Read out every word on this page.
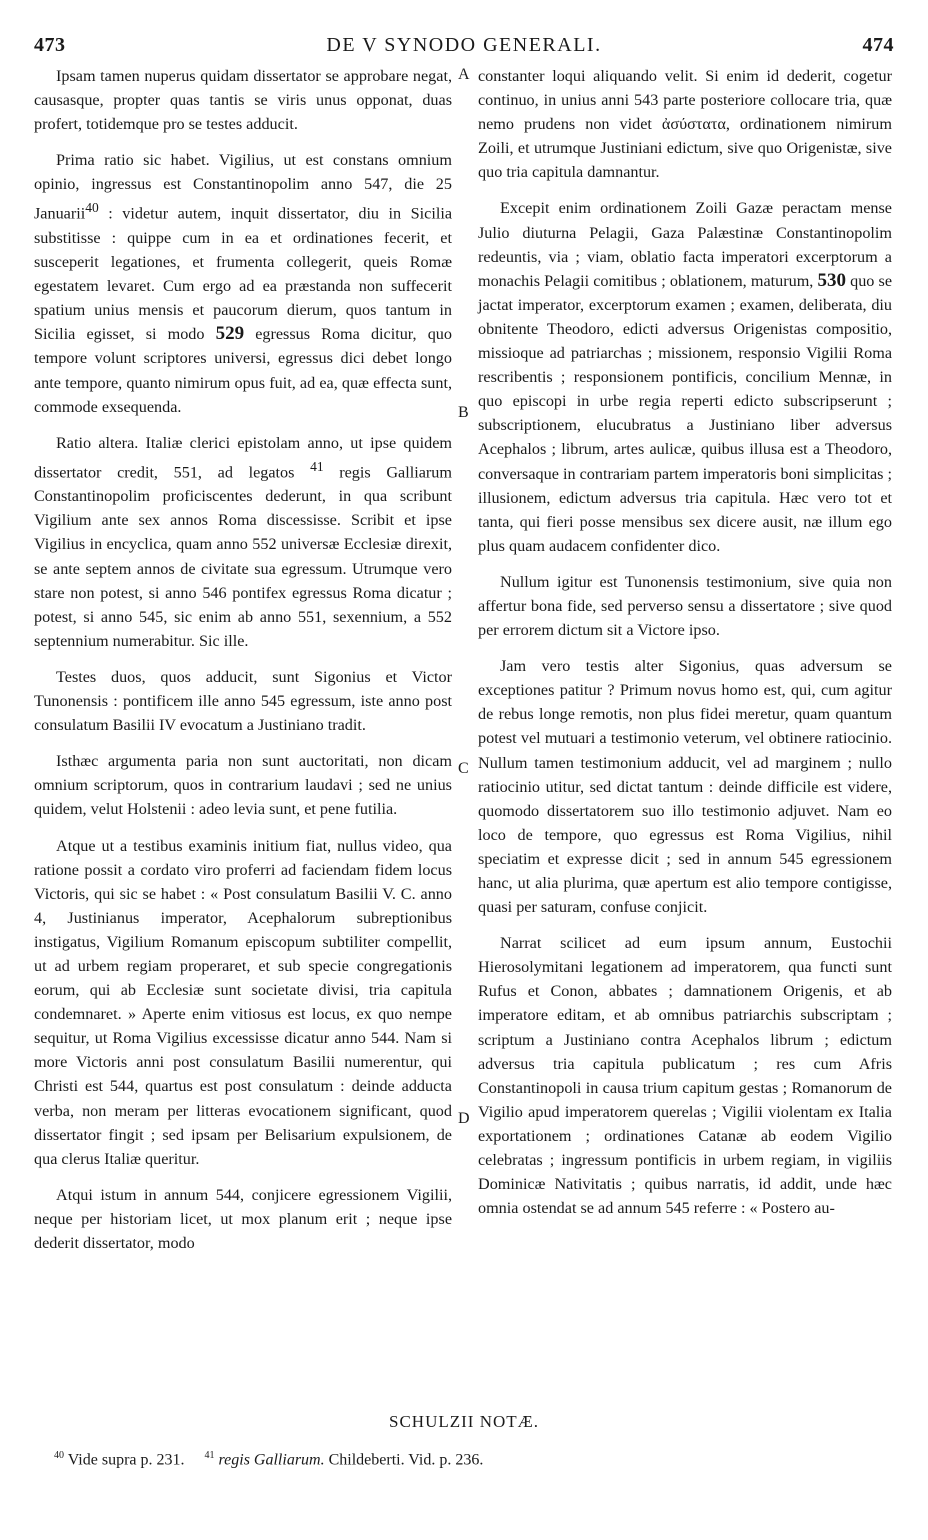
473	DE V SYNODO GENERALI.	474
A
B
C
D

Ipsam tamen nuperus quidam dissertator se approbare negat, causasque, propter quas tantis se viris unus opponat, duas profert, totidemque pro se testes adducit.

Prima ratio sic habet. Vigilius, ut est constans omnium opinio, ingressus est Constantinopolim anno 547, die 25 Januarii$^{40}$ : videtur autem, inquit dissertator, diu in Sicilia substitisse : quippe cum in ea et ordinationes fecerit, et susceperit legationes, et frumenta collegerit, queis Romæ egestatem levaret. Cum ergo ad ea præstanda non suffecerit spatium unius mensis et paucorum dierum, quos tantum in Sicilia egisset, si modo 529 egressus Roma dicitur, quo tempore volunt scriptores universi, egressus dici debet longo ante tempore, quanto nimirum opus fuit, ad ea, quæ effecta sunt, commode exsequenda.

Ratio altera. Italiæ clerici epistolam anno, ut ipse quidem dissertator credit, 551, ad legatos $^{41}$ regis Galliarum Constantinopolim proficiscentes dederunt, in qua scribunt Vigilium ante sex annos Roma discessisse. Scribit et ipse Vigilius in encyclica, quam anno 552 universæ Ecclesiæ direxit, se ante septem annos de civitate sua egressum. Utrumque vero stare non potest, si anno 546 pontifex egressus Roma dicatur ; potest, si anno 545, sic enim ab anno 551, sexennium, a 552 septennium numerabitur. Sic ille.

Testes duos, quos adducit, sunt Sigonius et Victor Tunonensis : pontificem ille anno 545 egressum, iste anno post consulatum Basilii IV evocatum a Justiniano tradit.

Isthæc argumenta paria non sunt auctoritati, non dicam omnium scriptorum, quos in contrarium laudavi ; sed ne unius quidem, velut Holstenii : adeo levia sunt, et pene futilia.

Atque ut a testibus examinis initium fiat, nullus video, qua ratione possit a cordato viro proferri ad faciendam fidem locus Victoris, qui sic se habet : « Post consulatum Basilii V. C. anno 4, Justinianus imperator, Acephalorum subreptionibus instigatus, Vigilium Romanum episcopum subtiliter compellit, ut ad urbem regiam properaret, et sub specie congregationis eorum, qui ab Ecclesiæ sunt societate divisi, tria capitula condemnaret. » Aperte enim vitiosus est locus, ex quo nempe sequitur, ut Roma Vigilius excessisse dicatur anno 544. Nam si more Victoris anni post consulatum Basilii numerentur, qui Christi est 544, quartus est post consulatum : deinde adducta verba, non meram per litteras evocationem significant, quod dissertator fingit ; sed ipsam per Belisarium expulsionem, de qua clerus Italiæ queritur.

Atqui istum in annum 544, conjicere egressionem Vigilii, neque per historiam licet, ut mox planum erit ; neque ipse dederit dissertator, modo

constanter loqui aliquando velit. Si enim id dederit, cogetur continuo, in unius anni 543 parte posteriore collocare tria, quæ nemo prudens non videt ἀσύστατα, ordinationem nimirum Zoili, et utrumque Justiniani edictum, sive quo Origenistæ, sive quo tria capitula damnantur.

Excepit enim ordinationem Zoili Gazæ peractam mense Julio diuturna Pelagii, Gaza Palæstinæ Constantinopolim redeuntis, via ; viam, oblatio facta imperatori excerptorum a monachis Pelagii comitibus ; oblationem, maturum, 530 quo se jactat imperator, excerptorum examen ; examen, deliberata, diu obnitente Theodoro, edicti adversus Origenistas compositio, missioque ad patriarchas ; missionem, responsio Vigilii Roma rescribentis ; responsionem pontificis, concilium Mennæ, in quo episcopi in urbe regia reperti edicto subscripserunt ; subscriptionem, elucubratus a Justiniano liber adversus Acephalos ; librum, artes aulicæ, quibus illusa est a Theodoro, conversaque in contrariam partem imperatoris boni simplicitas ; illusionem, edictum adversus tria capitula. Hæc vero tot et tanta, qui fieri posse mensibus sex dicere ausit, næ illum ego plus quam audacem confidenter dico.

Nullum igitur est Tunonensis testimonium, sive quia non affertur bona fide, sed perverso sensu a dissertatore ; sive quod per errorem dictum sit a Victore ipso.

Jam vero testis alter Sigonius, quas adversum se exceptiones patitur ? Primum novus homo est, qui, cum agitur de rebus longe remotis, non plus fidei meretur, quam quantum potest vel mutuari a testimonio veterum, vel obtinere ratiocinio. Nullum tamen testimonium adducit, vel ad marginem ; nullo ratiocinio utitur, sed dictat tantum : deinde difficile est videre, quomodo dissertatorem suo illo testimonio adjuvet. Nam eo loco de tempore, quo egressus est Roma Vigilius, nihil speciatim et expresse dicit ; sed in annum 545 egressionem hanc, ut alia plurima, quæ apertum est alio tempore contigisse, quasi per saturam, confuse conjicit.

Narrat scilicet ad eum ipsum annum, Eustochii Hierosolymitani legationem ad imperatorem, qua functi sunt Rufus et Conon, abbates ; damnationem Origenis, et ab imperatore editam, et ab omnibus patriarchis subscriptam ; scriptum a Justiniano contra Acephalos librum ; edictum adversus tria capitula publicatum ; res cum Afris Constantinopoli in causa trium capitum gestas ; Romanorum de Vigilio apud imperatorem querelas ; Vigilii violentam ex Italia exportationem ; ordinationes Catanæ ab eodem Vigilio celebratas ; ingressum pontificis in urbem regiam, in vigiliis Dominicæ Nativitatis ; quibus narratis, id addit, unde hæc omnia ostendat se ad annum 545 referre : « Postero au-

SCHULZII NOTÆ.
$^{40}$ Vide supra p. 231. $^{41}$ regis Galliarum. Childeberti. Vid. p. 236.
